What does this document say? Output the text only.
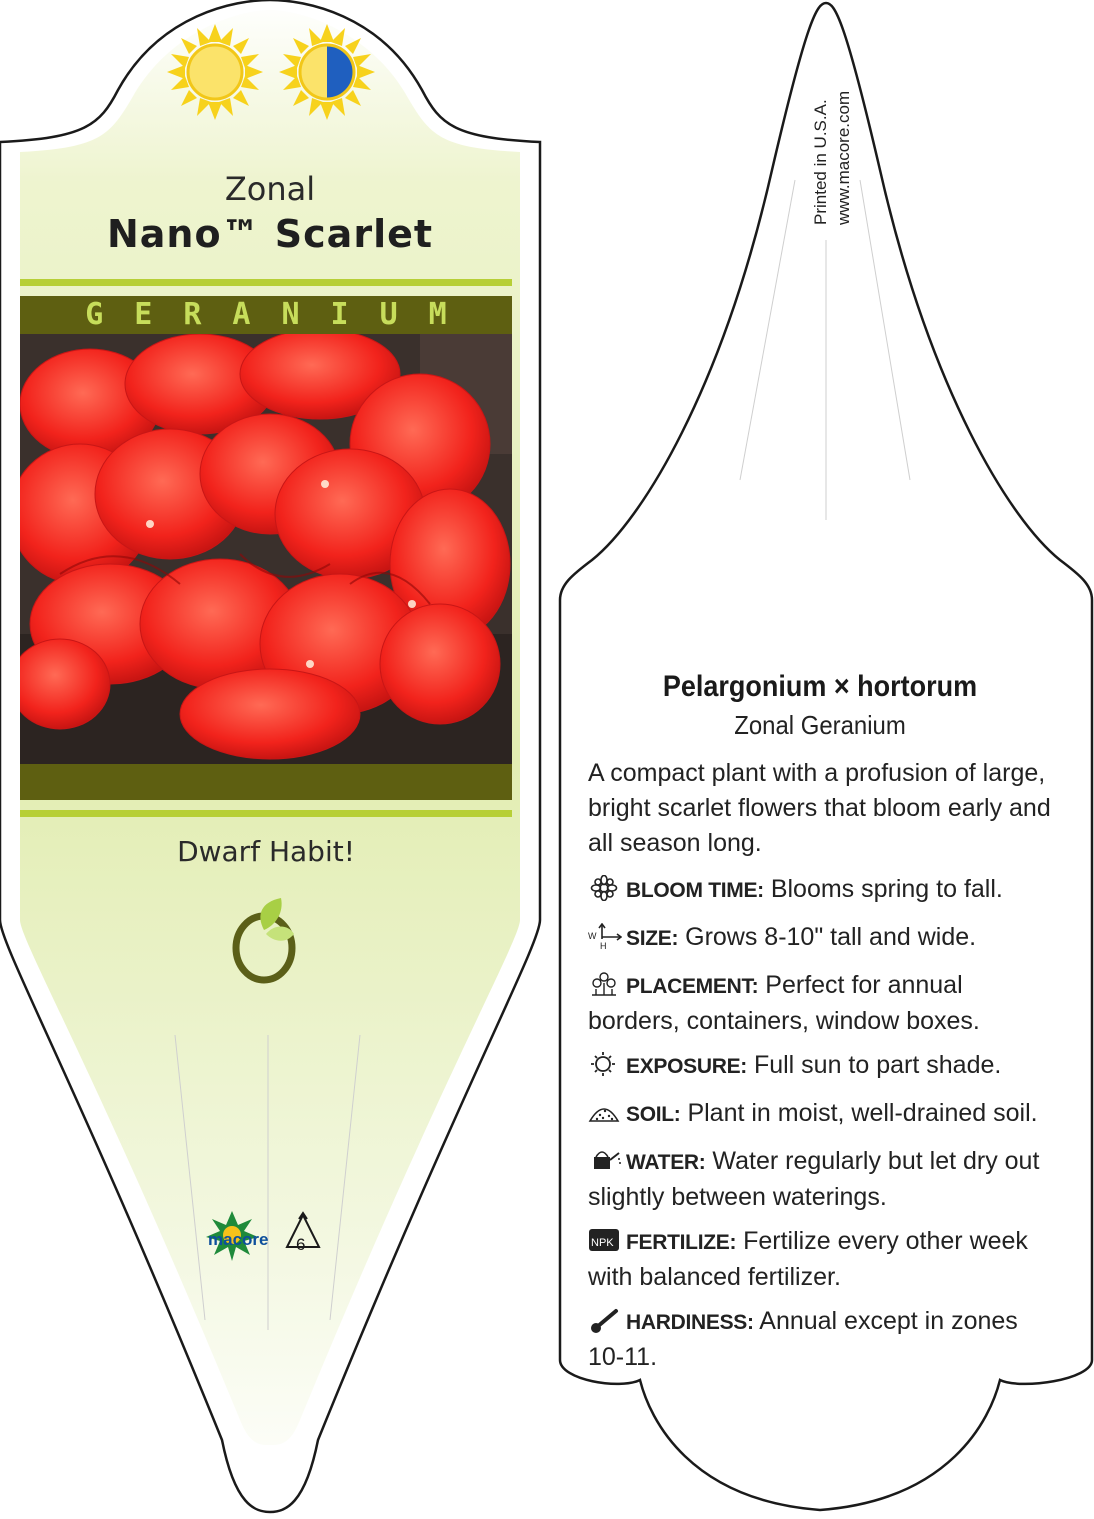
Zonal
Nano™ Scarlet
GERANIUM
Dwarf Habit!
macore 6
Printed in U.S.A. www.macore.com
Pelargonium × hortorum
Zonal Geranium
A compact plant with a profusion of large, bright scarlet flowers that bloom early and all season long.
BLOOM TIME: Blooms spring to fall.
W
H SIZE: Grows 8-10" tall and wide.
PLACEMENT: Perfect for annual borders, containers, window boxes.
EXPOSURE: Full sun to part shade.
SOIL: Plant in moist, well-drained soil.
WATER: Water regularly but let dry out slightly between waterings.
NPK FERTILIZE: Fertilize every other week with balanced fertilizer.
HARDINESS: Annual except in zones 10-11.
